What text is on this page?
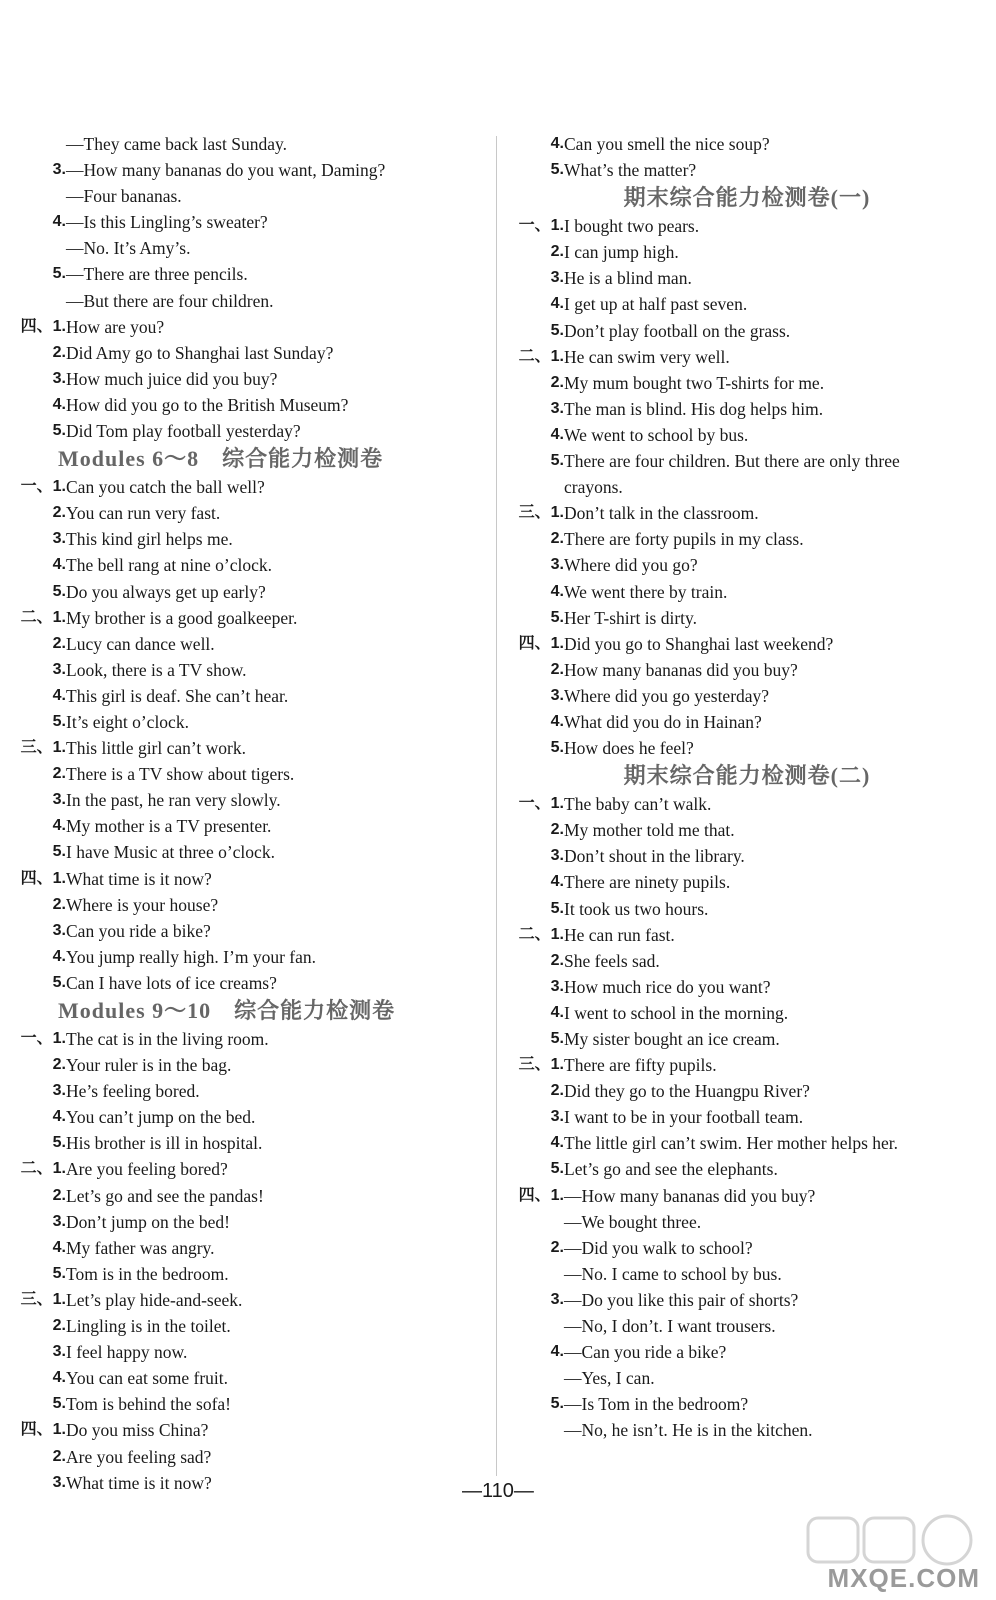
—They came back last Sunday.
3. —How many bananas do you want, Daming?
—Four bananas.
4. —Is this Lingling’s sweater?
—No. It’s Amy’s.
5. —There are three pencils.
—But there are four children.
四、1. How are you?
2. Did Amy go to Shanghai last Sunday?
3. How much juice did you buy?
4. How did you go to the British Museum?
5. Did Tom play football yesterday?
Modules 6～8　综合能力检测卷
一、1. Can you catch the ball well?
2. You can run very fast.
3. This kind girl helps me.
4. The bell rang at nine o’clock.
5. Do you always get up early?
二、1. My brother is a good goalkeeper.
2. Lucy can dance well.
3. Look, there is a TV show.
4. This girl is deaf. She can’t hear.
5. It’s eight o’clock.
三、1. This little girl can’t work.
2. There is a TV show about tigers.
3. In the past, he ran very slowly.
4. My mother is a TV presenter.
5. I have Music at three o’clock.
四、1. What time is it now?
2. Where is your house?
3. Can you ride a bike?
4. You jump really high. I’m your fan.
5. Can I have lots of ice creams?
Modules 9～10　综合能力检测卷
一、1. The cat is in the living room.
2. Your ruler is in the bag.
3. He’s feeling bored.
4. You can’t jump on the bed.
5. His brother is ill in hospital.
二、1. Are you feeling bored?
2. Let’s go and see the pandas!
3. Don’t jump on the bed!
4. My father was angry.
5. Tom is in the bedroom.
三、1. Let’s play hide-and-seek.
2. Lingling is in the toilet.
3. I feel happy now.
4. You can eat some fruit.
5. Tom is behind the sofa!
四、1. Do you miss China?
2. Are you feeling sad?
3. What time is it now?
4. Can you smell the nice soup?
5. What’s the matter?
期末综合能力检测卷(一)
一、1. I bought two pears.
2. I can jump high.
3. He is a blind man.
4. I get up at half past seven.
5. Don’t play football on the grass.
二、1. He can swim very well.
2. My mum bought two T-shirts for me.
3. The man is blind. His dog helps him.
4. We went to school by bus.
5. There are four children. But there are only three
crayons.
三、1. Don’t talk in the classroom.
2. There are forty pupils in my class.
3. Where did you go?
4. We went there by train.
5. Her T-shirt is dirty.
四、1. Did you go to Shanghai last weekend?
2. How many bananas did you buy?
3. Where did you go yesterday?
4. What did you do in Hainan?
5. How does he feel?
期末综合能力检测卷(二)
一、1. The baby can’t walk.
2. My mother told me that.
3. Don’t shout in the library.
4. There are ninety pupils.
5. It took us two hours.
二、1. He can run fast.
2. She feels sad.
3. How much rice do you want?
4. I went to school in the morning.
5. My sister bought an ice cream.
三、1. There are fifty pupils.
2. Did they go to the Huangpu River?
3. I want to be in your football team.
4. The little girl can’t swim. Her mother helps her.
5. Let’s go and see the elephants.
四、1. —How many bananas did you buy?
—We bought three.
2. —Did you walk to school?
—No. I came to school by bus.
3. —Do you like this pair of shorts?
—No, I don’t. I want trousers.
4. —Can you ride a bike?
—Yes, I can.
5. —Is Tom in the bedroom?
—No, he isn’t. He is in the kitchen.
—110—
MXQE.COM
